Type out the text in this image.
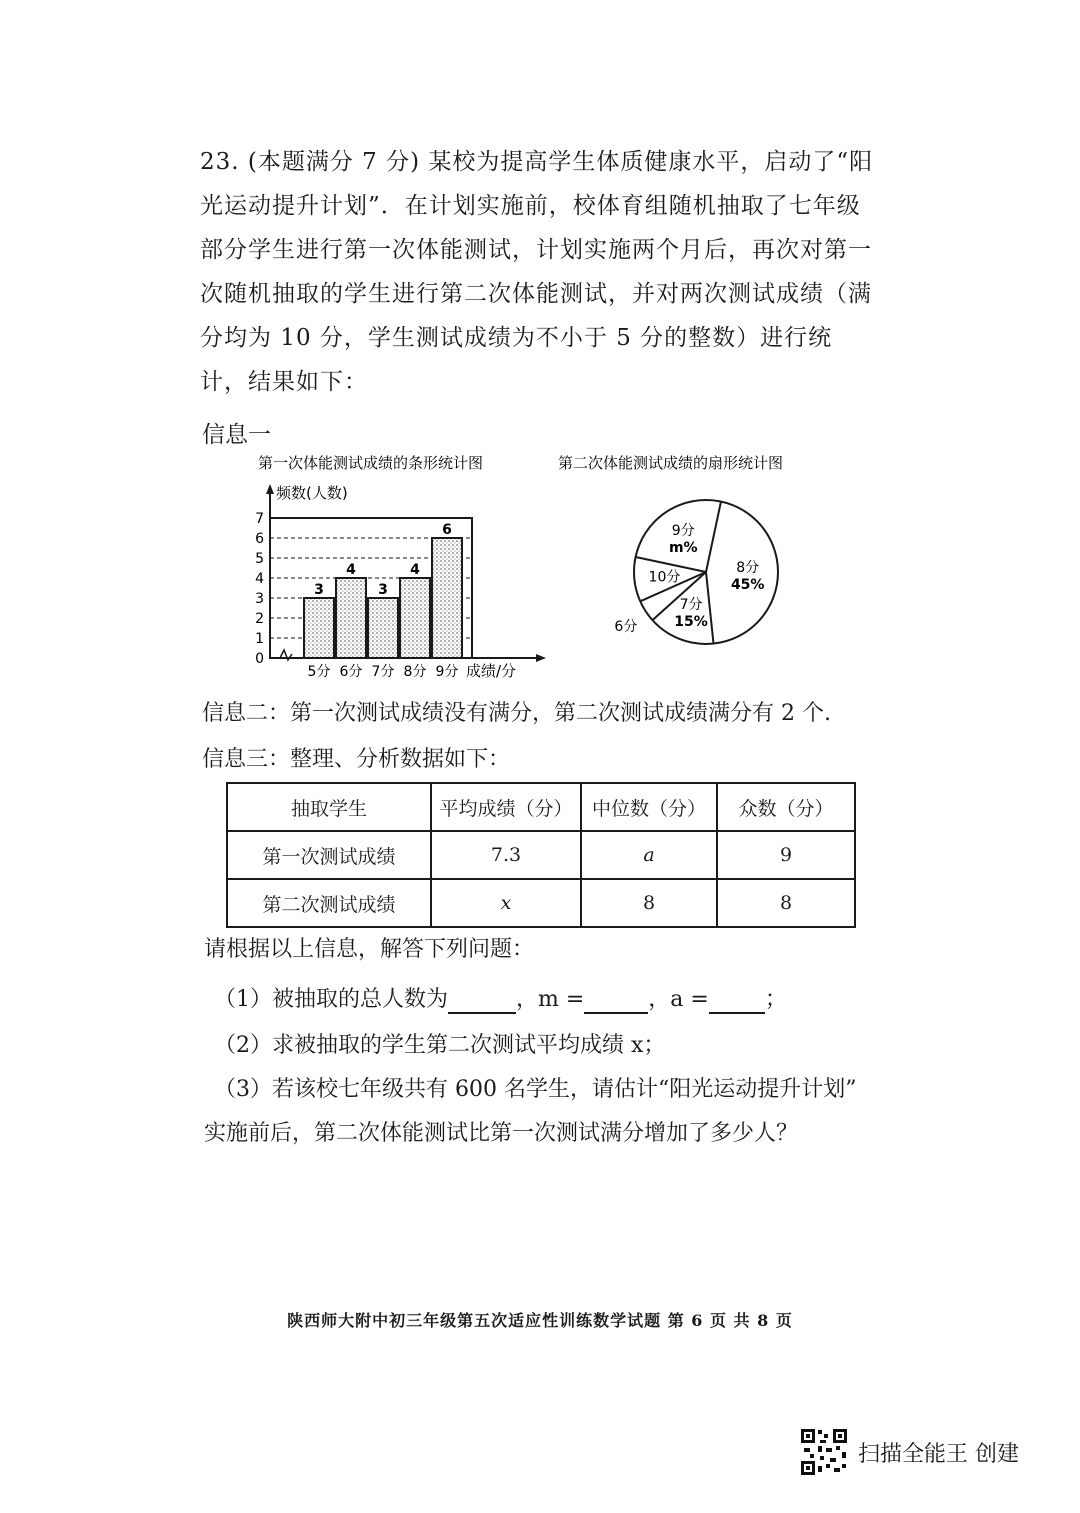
23. (本题满分 7 分) 某校为提高学生体质健康水平，启动了“阳光运动提升计划”．在计划实施前，校体育组随机抽取了七年级部分学生进行第一次体能测试，计划实施两个月后，再次对第一次随机抽取的学生进行第二次体能测试，并对两次测试成绩（满分均为 10 分，学生测试成绩为不小于 5 分的整数）进行统计，结果如下：

信息一

第一次体能测试成绩的条形统计图
频数(人数)
成绩/分
0
1
2
3
4
5
6
7
3
5分
4
6分
3
7分
4
8分
6
9分
第二次体能测试成绩的扇形统计图
8分
45%
7分
15%
6分
10分
9分
m%

信息二：第一次测试成绩没有满分，第二次测试成绩满分有 2 个.

信息三：整理、分析数据如下：

抽取学生	平均成绩（分）	中位数（分）	众数（分）
第一次测试成绩	7.3	a	9
第二次测试成绩	x	8	8

请根据以上信息，解答下列问题：

（1）被抽取的总人数为	，m =	，a =	；

（2）求被抽取的学生第二次测试平均成绩 x；

（3）若该校七年级共有 600 名学生，请估计“阳光运动提升计划”

实施前后，第二次体能测试比第一次测试满分增加了多少人？

陕西师大附中初三年级第五次适应性训练数学试题 第 6 页 共 8 页
扫描全能王 创建
